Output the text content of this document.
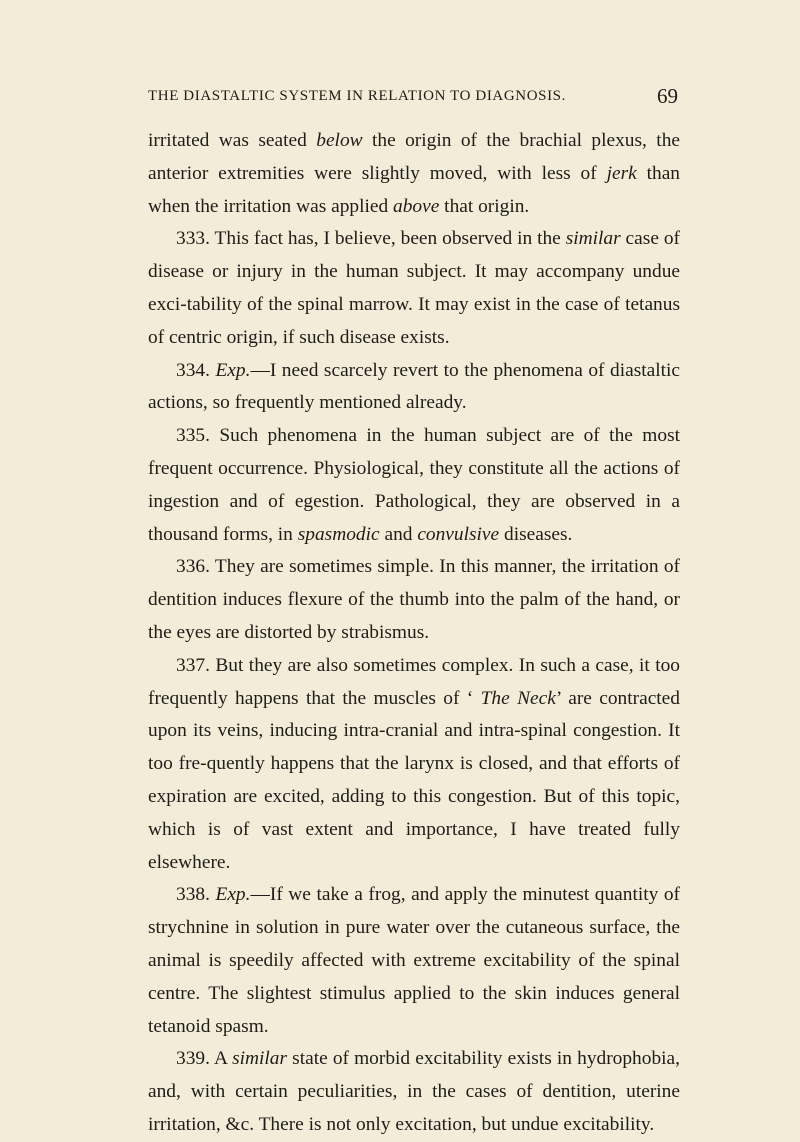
THE DIASTALTIC SYSTEM IN RELATION TO DIAGNOSIS.	69

irritated was seated below the origin of the brachial plexus, the anterior extremities were slightly moved, with less of jerk than when the irritation was applied above that origin.

333. This fact has, I believe, been observed in the similar case of disease or injury in the human subject. It may accompany undue exci-tability of the spinal marrow. It may exist in the case of tetanus of centric origin, if such disease exists.

334. Exp.—I need scarcely revert to the phenomena of diastaltic actions, so frequently mentioned already.

335. Such phenomena in the human subject are of the most frequent occurrence. Physiological, they constitute all the actions of ingestion and of egestion. Pathological, they are observed in a thousand forms, in spasmodic and convulsive diseases.

336. They are sometimes simple. In this manner, the irritation of dentition induces flexure of the thumb into the palm of the hand, or the eyes are distorted by strabismus.

337. But they are also sometimes complex. In such a case, it too frequently happens that the muscles of ‘ The Neck’ are contracted upon its veins, inducing intra-cranial and intra-spinal congestion. It too fre-quently happens that the larynx is closed, and that efforts of expiration are excited, adding to this congestion. But of this topic, which is of vast extent and importance, I have treated fully elsewhere.

338. Exp.—If we take a frog, and apply the minutest quantity of strychnine in solution in pure water over the cutaneous surface, the animal is speedily affected with extreme excitability of the spinal centre. The slightest stimulus applied to the skin induces general tetanoid spasm.

339. A similar state of morbid excitability exists in hydrophobia, and, with certain peculiarities, in the cases of dentition, uterine irritation, &c. There is not only excitation, but undue excitability.
